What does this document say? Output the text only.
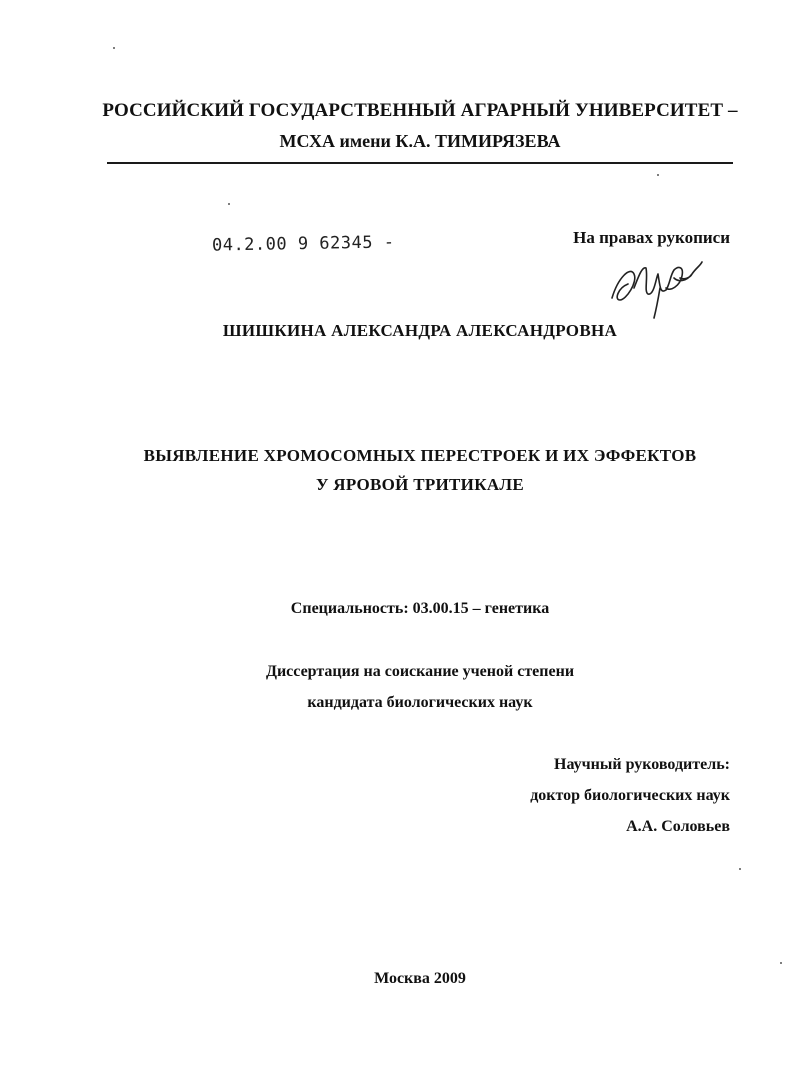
РОССИЙСКИЙ ГОСУДАРСТВЕННЫЙ АГРАРНЫЙ УНИВЕРСИТЕТ –
МСХА имени К.А. ТИМИРЯЗЕВА
04.2.00 9 62345 -	На правах рукописи
ШИШКИНА АЛЕКСАНДРА АЛЕКСАНДРОВНА
ВЫЯВЛЕНИЕ ХРОМОСОМНЫХ ПЕРЕСТРОЕК И ИХ ЭФФЕКТОВ
У ЯРОВОЙ ТРИТИКАЛЕ
Специальность: 03.00.15 – генетика
Диссертация на соискание ученой степени
кандидата биологических наук
Научный руководитель:
доктор биологических наук
А.А. Соловьев
Москва 2009
